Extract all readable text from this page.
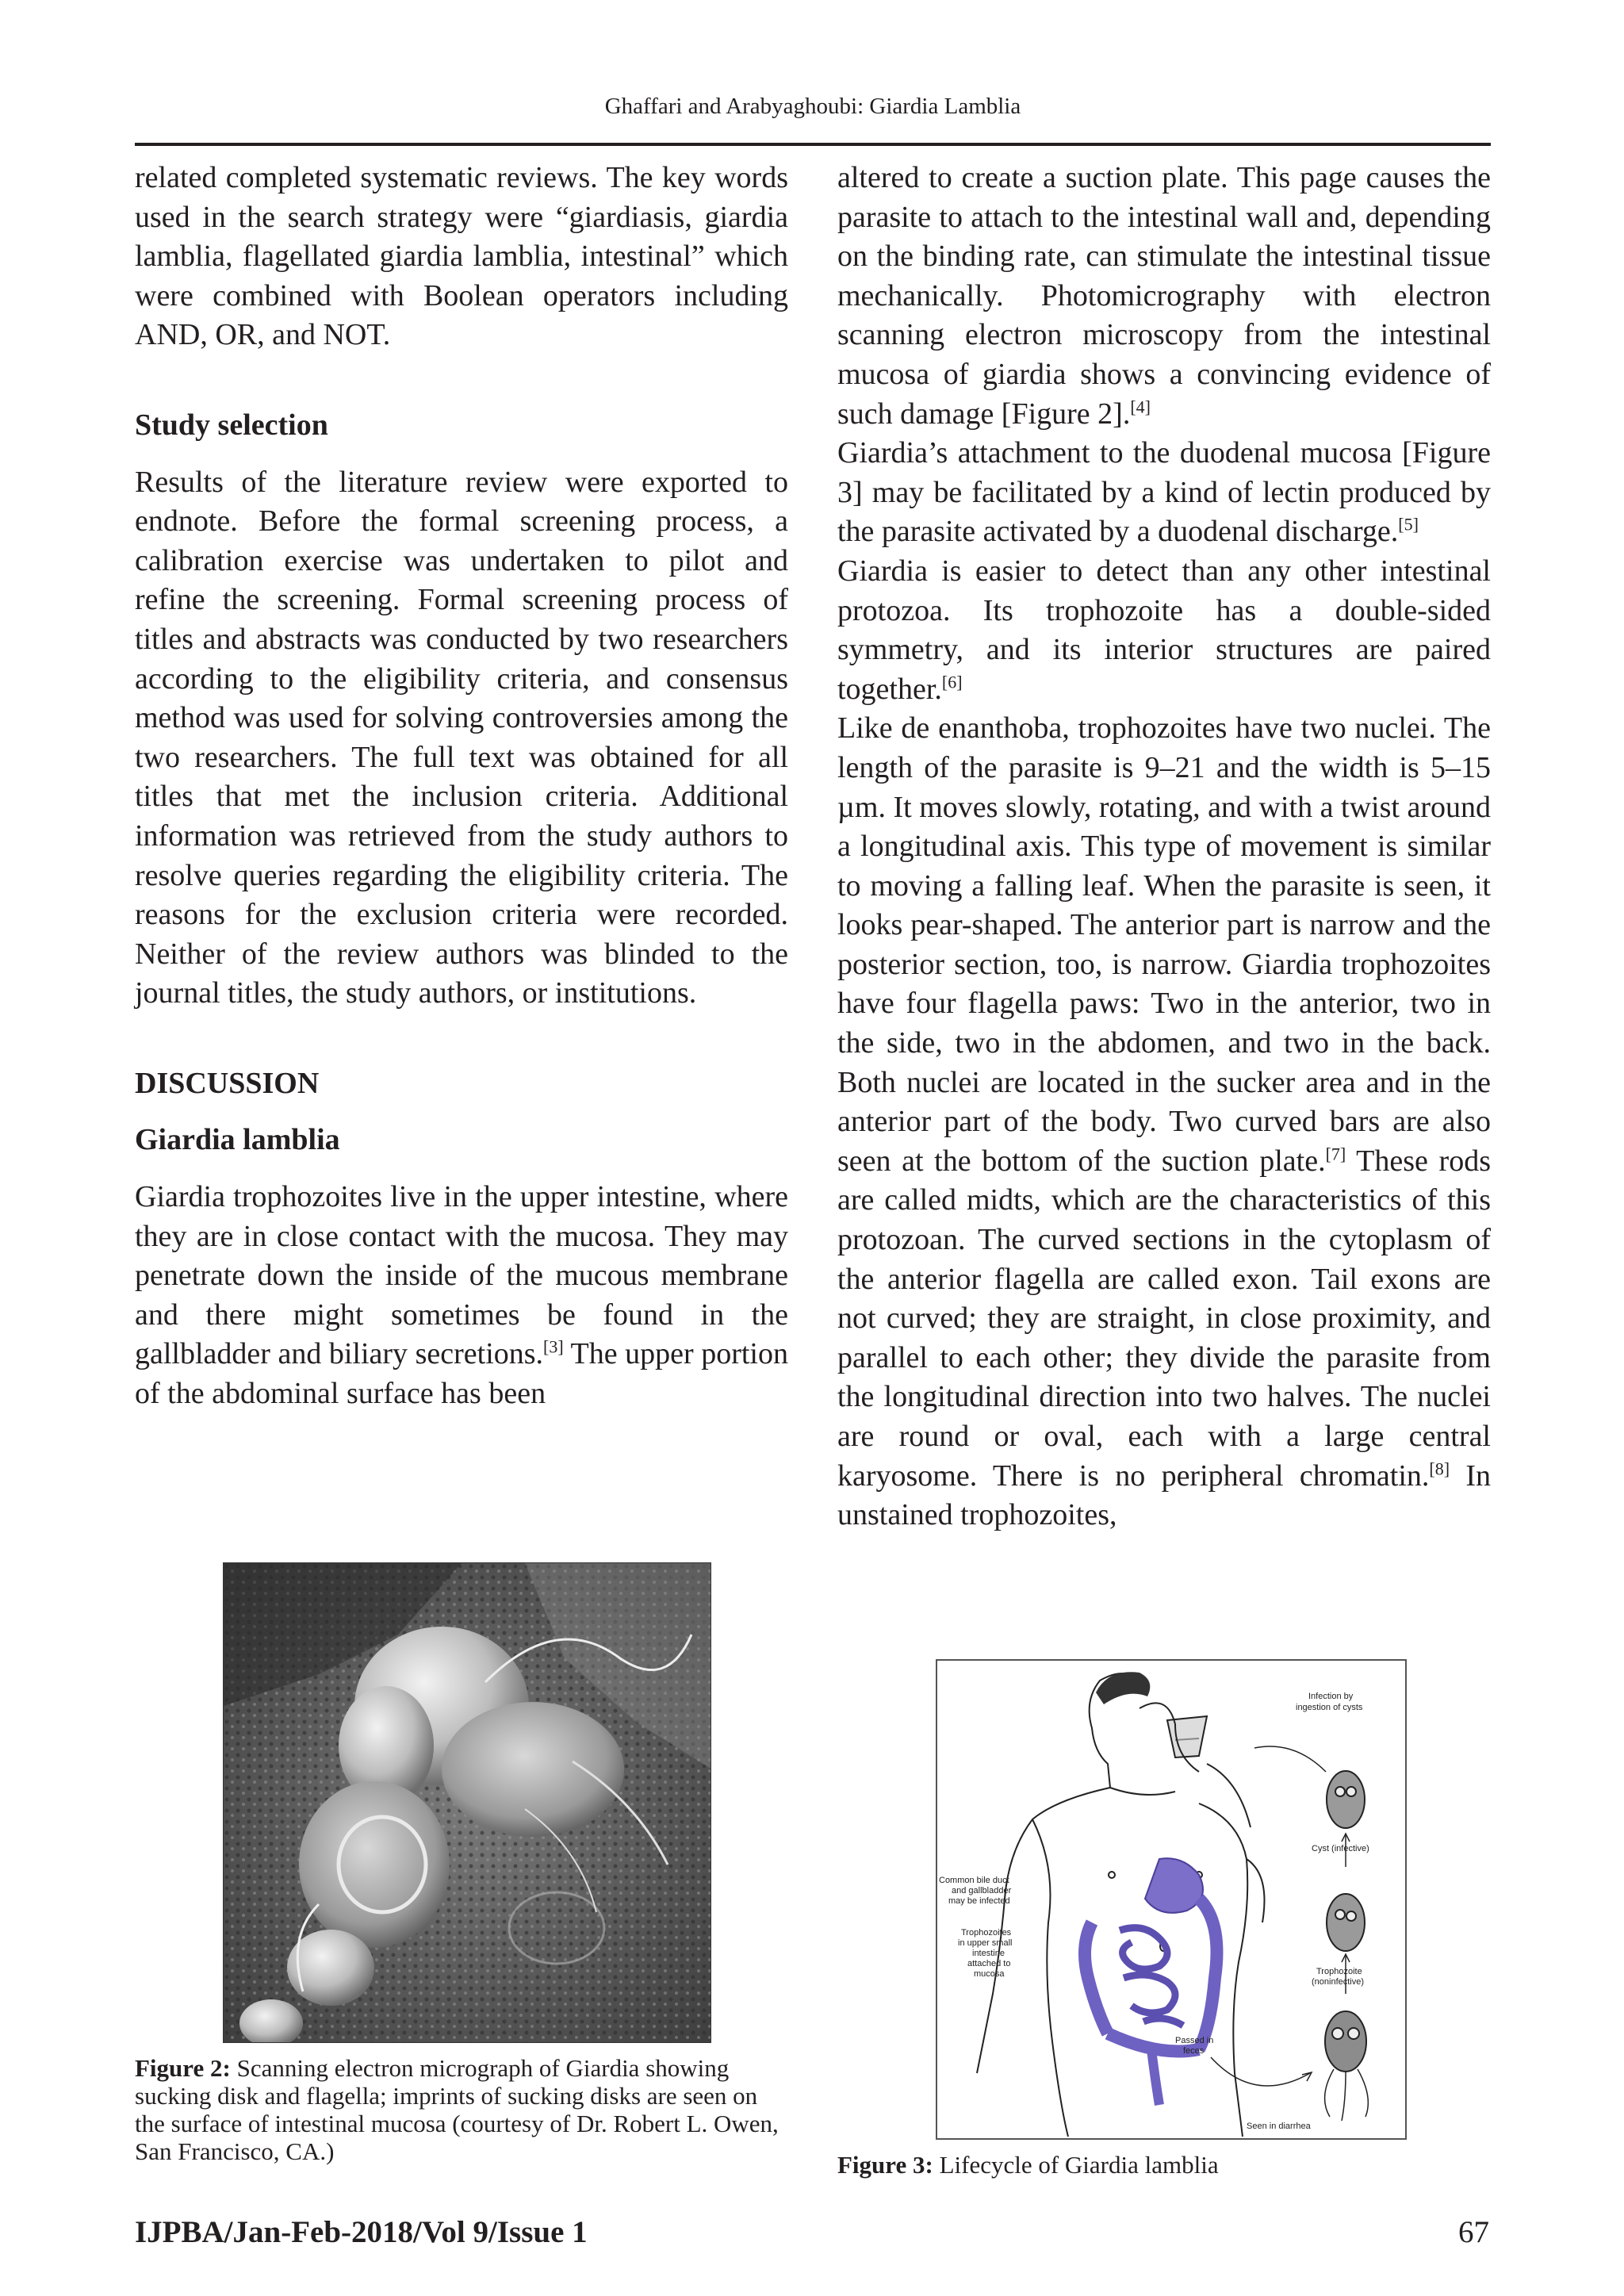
Ghaffari and Arabyaghoubi: Giardia Lamblia

related completed systematic reviews. The key words used in the search strategy were “giardiasis, giardia lamblia, flagellated giardia lamblia, intestinal” which were combined with Boolean operators including AND, OR, and NOT.

Study selection

Results of the literature review were exported to endnote. Before the formal screening process, a calibration exercise was undertaken to pilot and refine the screening. Formal screening process of titles and abstracts was conducted by two researchers according to the eligibility criteria, and consensus method was used for solving controversies among the two researchers. The full text was obtained for all titles that met the inclusion criteria. Additional information was retrieved from the study authors to resolve queries regarding the eligibility criteria. The reasons for the exclusion criteria were recorded. Neither of the review authors was blinded to the journal titles, the study authors, or institutions.

DISCUSSION
Giardia lamblia

Giardia trophozoites live in the upper intestine, where they are in close contact with the mucosa. They may penetrate down the inside of the mucous membrane and there might sometimes be found in the gallbladder and biliary secretions.[3] The upper portion of the abdominal surface has been

altered to create a suction plate. This page causes the parasite to attach to the intestinal wall and, depending on the binding rate, can stimulate the intestinal tissue mechanically. Photomicrography with electron scanning electron microscopy from the intestinal mucosa of giardia shows a convincing evidence of such damage [Figure 2].[4]

Giardia’s attachment to the duodenal mucosa [Figure 3] may be facilitated by a kind of lectin produced by the parasite activated by a duodenal discharge.[5]

Giardia is easier to detect than any other intestinal protozoa. Its trophozoite has a double-sided symmetry, and its interior structures are paired together.[6]

Like de enanthoba, trophozoites have two nuclei. The length of the parasite is 9–21 and the width is 5–15 µm. It moves slowly, rotating, and with a twist around a longitudinal axis. This type of movement is similar to moving a falling leaf. When the parasite is seen, it looks pear-shaped. The anterior part is narrow and the posterior section, too, is narrow. Giardia trophozoites have four flagella paws: Two in the anterior, two in the side, two in the abdomen, and two in the back. Both nuclei are located in the sucker area and in the anterior part of the body. Two curved bars are also seen at the bottom of the suction plate.[7] These rods are called midts, which are the characteristics of this protozoan. The curved sections in the cytoplasm of the anterior flagella are called exon. Tail exons are not curved; they are straight, in close proximity, and parallel to each other; they divide the parasite from the longitudinal direction into two halves. The nuclei are round or oval, each with a large central karyosome. There is no peripheral chromatin.[8] In unstained trophozoites,

Figure 2: Scanning electron micrograph of Giardia showing sucking disk and flagella; imprints of sucking disks are seen on the surface of intestinal mucosa (courtesy of Dr. Robert L. Owen, San Francisco, CA.)
Infection by
ingestion of cysts
Cyst (infective)
Common bile duct
and gallbladder
may be infected
Trophozoites
in upper small
intestine
attached to
mucosa	Trophozoite
(noninfective)
Passed in
feces
Seen in diarrhea
Figure 3: Lifecycle of Giardia lamblia
IJPBA/Jan-Feb-2018/Vol 9/Issue 1	67
